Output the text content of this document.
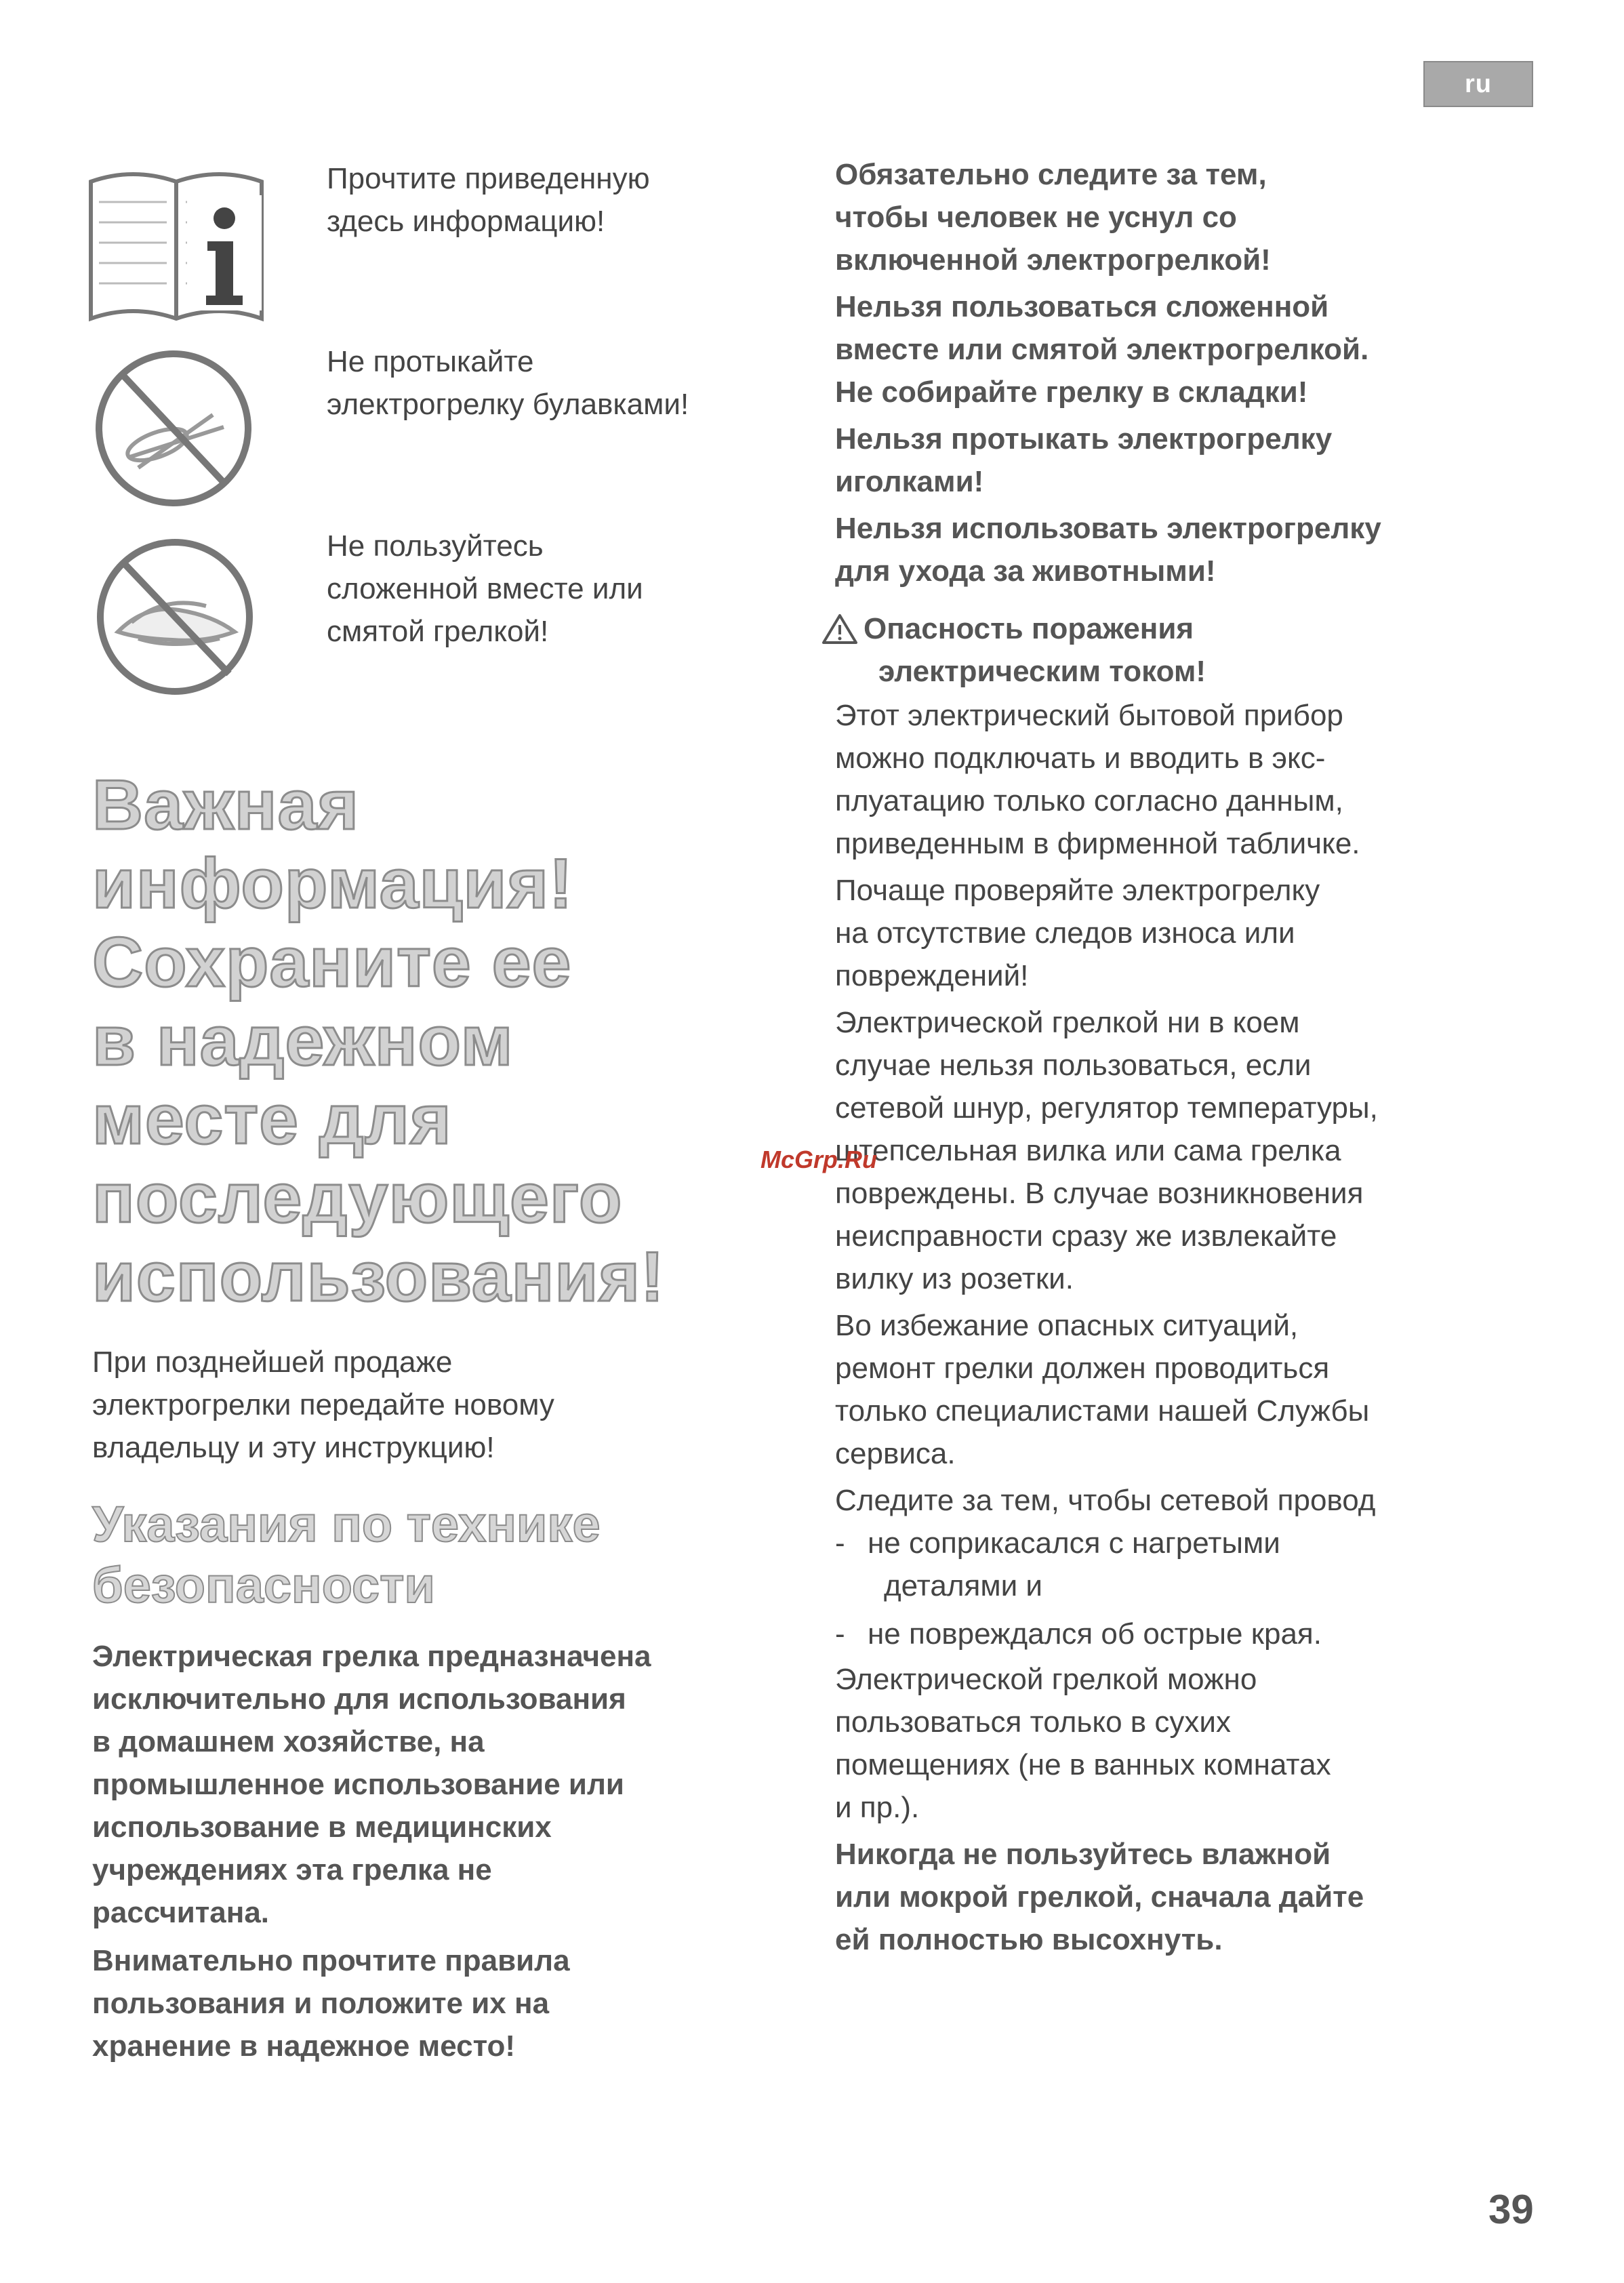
ru
Прочтите приведенную
здесь информацию!
Не протыкайте
электрогрелку булавками!
Не пользуйтесь
сложенной вместе или
смятой грелкой!
Важная
информация!
Сохраните ее
в надежном
месте для
последующего
использования!
При позднейшей продаже
электрогрелки передайте новому
владельцу и эту инструкцию!
Указания по технике
безопасности
Электрическая грелка предназначена
исключительно для использования
в домашнем хозяйстве, на
промышленное использование или
использование в медицинских
учреждениях эта грелка не
рассчитана.
Внимательно прочтите правила
пользования и положите их на
хранение в надежное место!
Обязательно следите за тем,
чтобы человек не уснул со
включенной электрогрелкой!
Нельзя пользоваться сложенной
вместе или смятой электрогрелкой.
Не собирайте грелку в складки!
Нельзя протыкать электрогрелку
иголками!
Нельзя использовать электрогрелку
для ухода за животными!
Опасность поражения
электрическим током!
Этот электрический бытовой прибор
можно подключать и вводить в экс-
плуатацию только согласно данным,
приведенным в фирменной табличке.
Почаще проверяйте электрогрелку
на отсутствие следов износа или
повреждений!
Электрической грелкой ни в коем
случае нельзя пользоваться, если
сетевой шнур, регулятор температуры,
штепсельная вилка или сама грелка
повреждены. В случае возникновения
неисправности сразу же извлекайте
вилку из розетки.
Во избежание опасных ситуаций,
ремонт грелки должен проводиться
только специалистами нашей Службы
сервиса.
Следите за тем, чтобы сетевой провод
- не соприкасался с нагретыми
деталями и
- не повреждался об острые края.
Электрической грелкой можно
пользоваться только в сухих
помещениях (не в ванных комнатах
и пр.).
Никогда не пользуйтесь влажной
или мокрой грелкой, сначала дайте
ей полностью высохнуть.
McGrp.Ru
39
